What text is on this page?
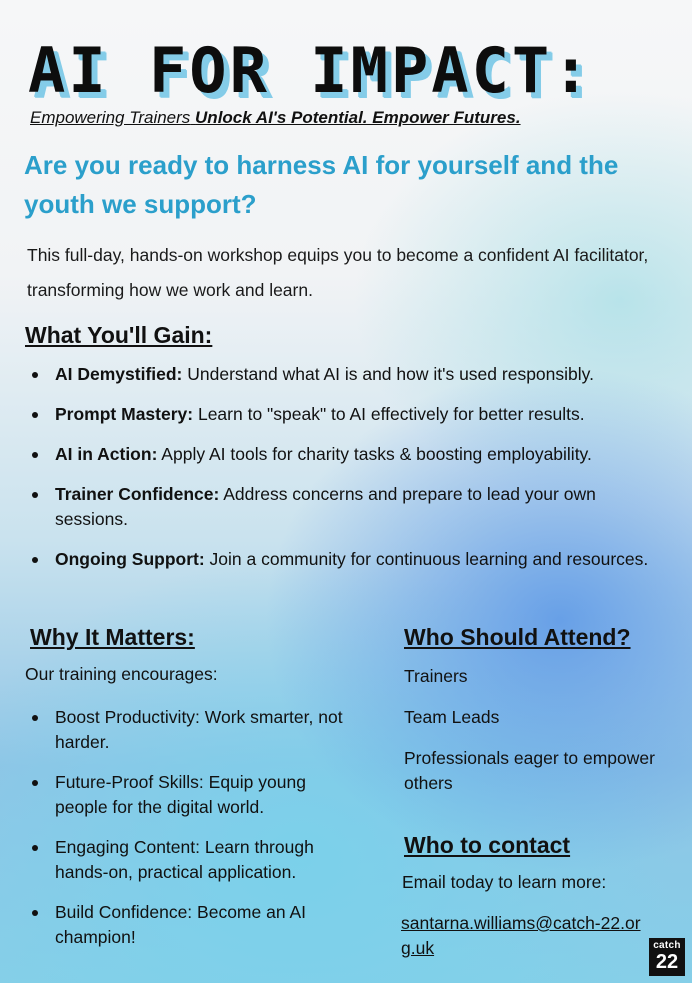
AI FOR IMPACT:
Empowering Trainers Unlock AI's Potential. Empower Futures.
Are you ready to harness AI for yourself and the youth we support?

This full-day, hands-on workshop equips you to become a confident AI facilitator, transforming how we work and learn.

What You'll Gain:
AI Demystified: Understand what AI is and how it's used responsibly.
Prompt Mastery: Learn to "speak" to AI effectively for better results.
AI in Action: Apply AI tools for charity tasks & boosting employability.
Trainer Confidence: Address concerns and prepare to lead your own sessions.
Ongoing Support: Join a community for continuous learning and resources.
Why It Matters:
Our training encourages:
Boost Productivity: Work smarter, not harder.
Future-Proof Skills: Equip young people for the digital world.
Engaging Content: Learn through hands-on, practical application.
Build Confidence: Become an AI champion!
Who Should Attend?
Trainers
Team Leads
Professionals eager to empower others
Who to contact
Email today to learn more:
santarna.williams@catch-22.org.uk	catch
22
